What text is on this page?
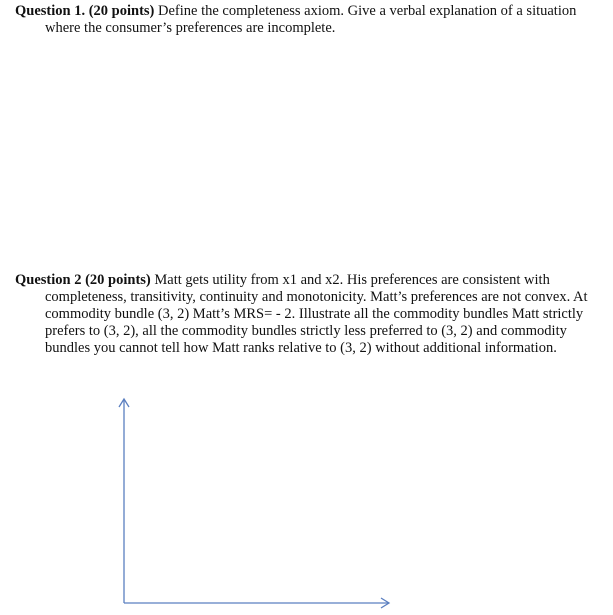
Question 1. (20 points) Define the completeness axiom. Give a verbal explanation of a situation
where the consumer’s preferences are incomplete.
Question 2 (20 points) Matt gets utility from x1 and x2. His preferences are consistent with
completeness, transitivity, continuity and monotonicity. Matt’s preferences are not convex. At
commodity bundle (3, 2) Matt’s MRS= - 2. Illustrate all the commodity bundles Matt strictly
prefers to (3, 2), all the commodity bundles strictly less preferred to (3, 2) and commodity
bundles you cannot tell how Matt ranks relative to (3, 2) without additional information.
